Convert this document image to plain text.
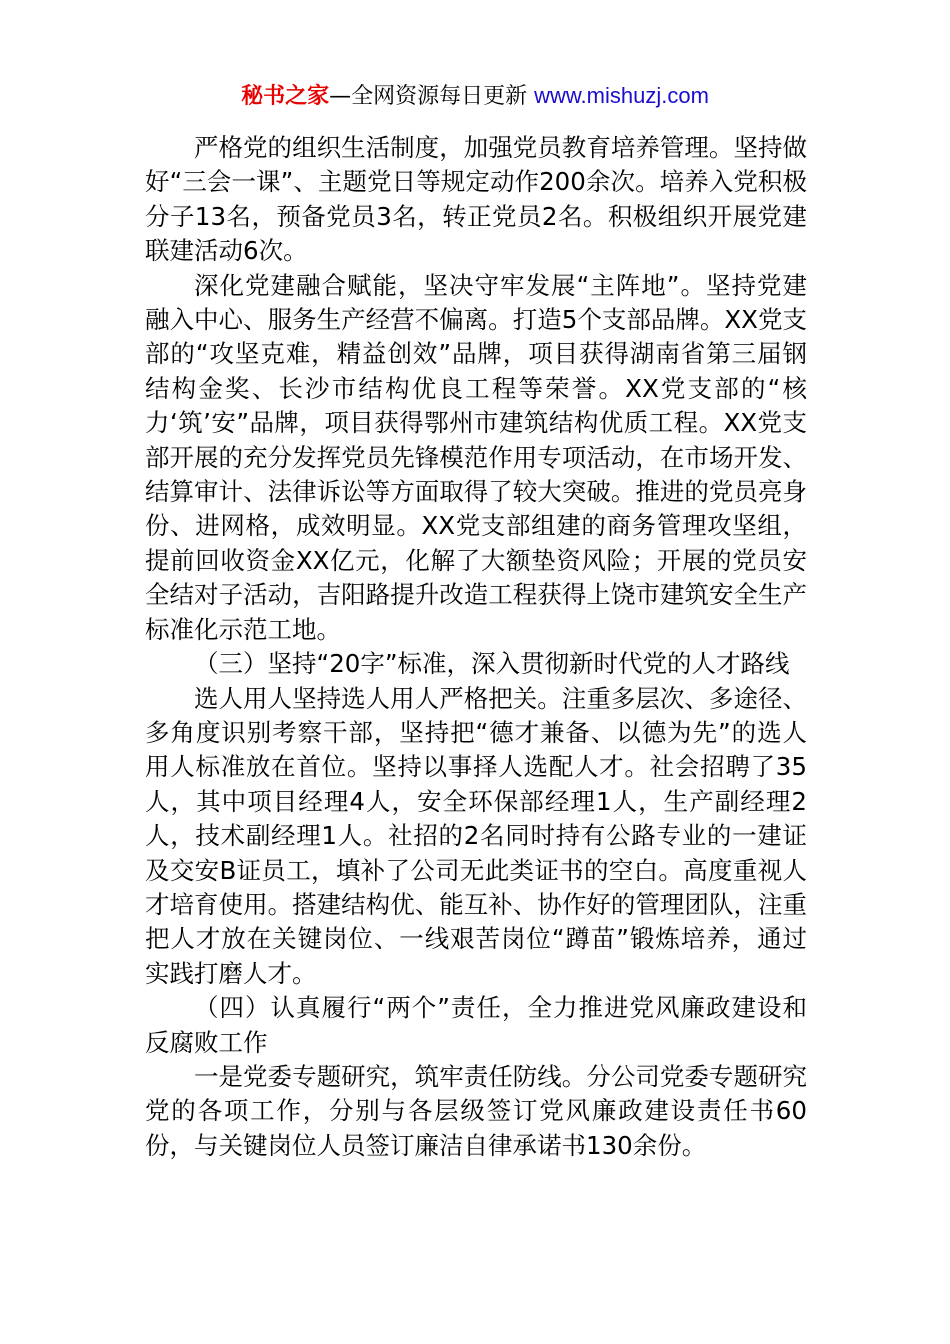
秘书之家—全网资源每日更新 www.mishuzj.com

严格党的组织生活制度，加强党员教育培养管理。坚持做好“三会一课”、主题党日等规定动作200余次。培养入党积极分子13名，预备党员3名，转正党员2名。积极组织开展党建联建活动6次。

深化党建融合赋能，坚决守牢发展“主阵地”。坚持党建融入中心、服务生产经营不偏离。打造5个支部品牌。XX党支部的“攻坚克难，精益创效”品牌，项目获得湖南省第三届钢结构金奖、长沙市结构优良工程等荣誉。XX党支部的“核力‘筑’安”品牌，项目获得鄂州市建筑结构优质工程。XX党支部开展的充分发挥党员先锋模范作用专项活动，在市场开发、结算审计、法律诉讼等方面取得了较大突破。推进的党员亮身份、进网格，成效明显。XX党支部组建的商务管理攻坚组，提前回收资金XX亿元，化解了大额垫资风险；开展的党员安全结对子活动，吉阳路提升改造工程获得上饶市建筑安全生产标准化示范工地。

（三）坚持“20字”标准，深入贯彻新时代党的人才路线

选人用人坚持选人用人严格把关。注重多层次、多途径、多角度识别考察干部，坚持把“德才兼备、以德为先”的选人用人标准放在首位。坚持以事择人选配人才。社会招聘了35人，其中项目经理4人，安全环保部经理1人，生产副经理2人，技术副经理1人。社招的2名同时持有公路专业的一建证及交安B证员工，填补了公司无此类证书的空白。高度重视人才培育使用。搭建结构优、能互补、协作好的管理团队，注重把人才放在关键岗位、一线艰苦岗位“蹲苗”锻炼培养，通过实践打磨人才。

（四）认真履行“两个”责任，全力推进党风廉政建设和反腐败工作

一是党委专题研究，筑牢责任防线。分公司党委专题研究党的各项工作，分别与各层级签订党风廉政建设责任书60份，与关键岗位人员签订廉洁自律承诺书130余份。
